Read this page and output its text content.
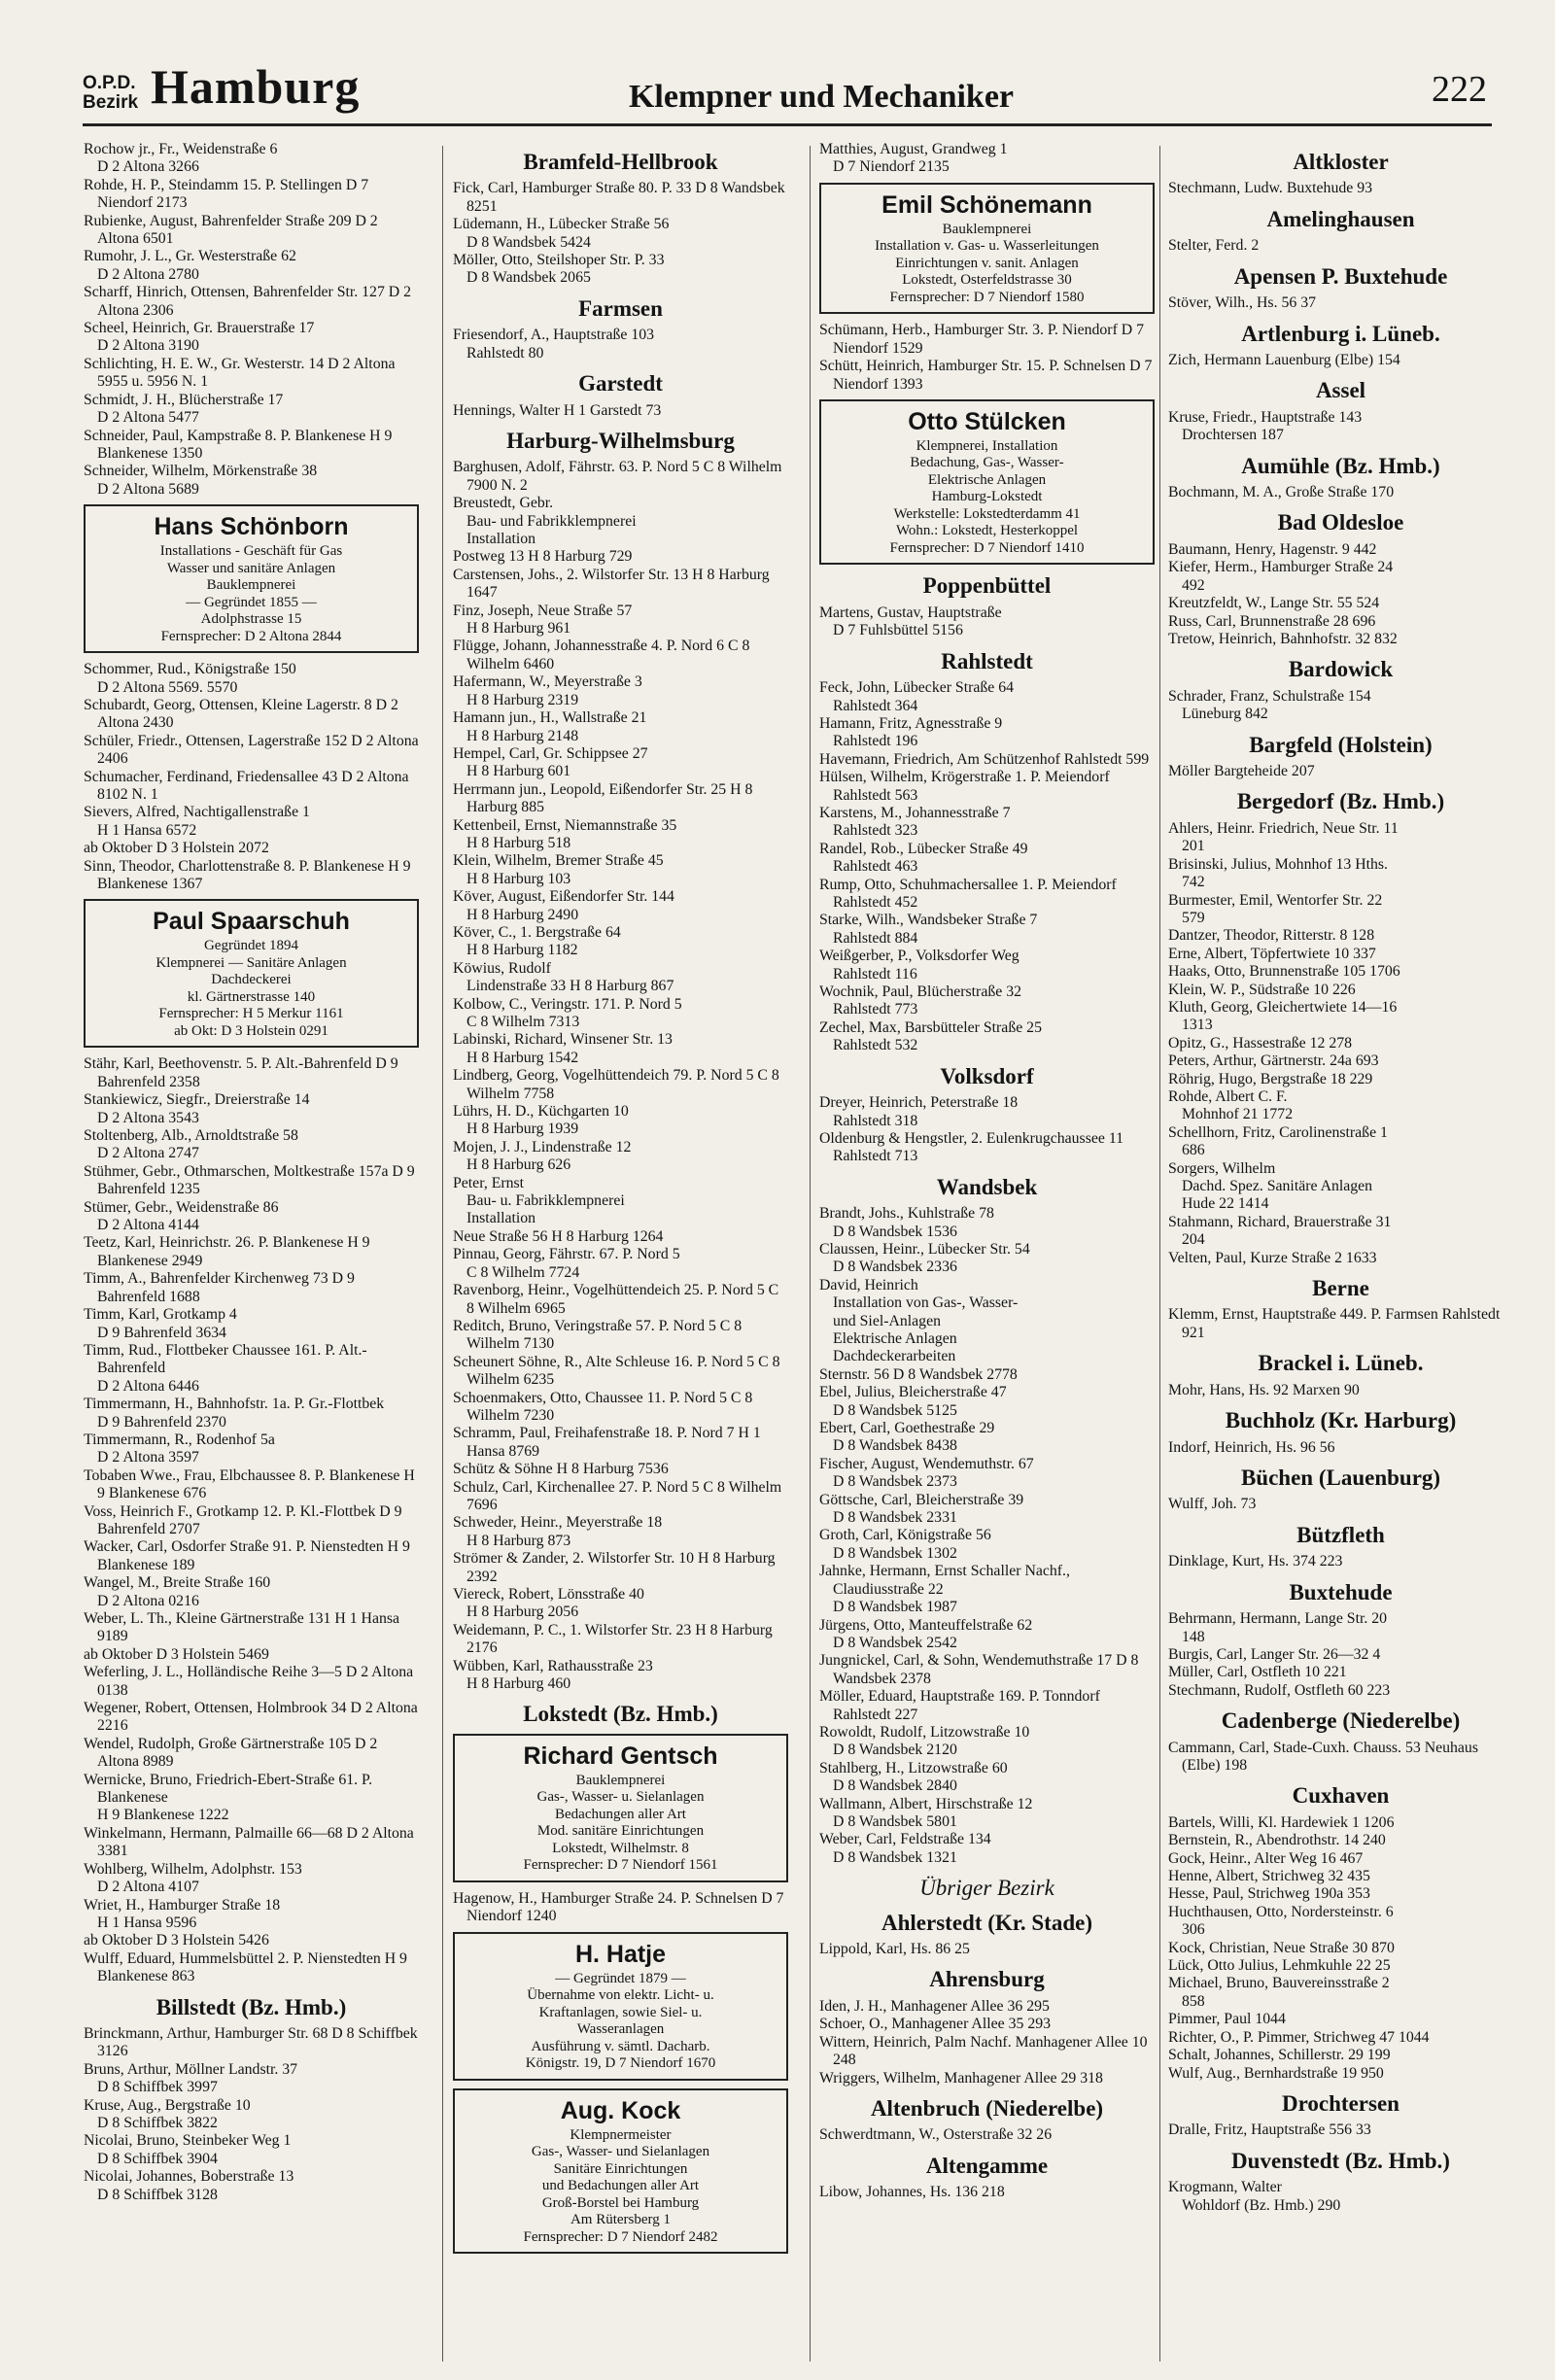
O.P.D.
Bezirk Hamburg	Klempner und Mechaniker	222
Rochow jr., Fr., Weidenstraße 6
D 2 Altona 3266
Rohde, H. P., Steindamm 15. P. Stellingen D 7 Niendorf 2173
Rubienke, August, Bahrenfelder Straße 209 D 2 Altona 6501
Rumohr, J. L., Gr. Westerstraße 62
D 2 Altona 2780
Scharff, Hinrich, Ottensen, Bahrenfelder Str. 127 D 2 Altona 2306
Scheel, Heinrich, Gr. Brauerstraße 17
D 2 Altona 3190
Schlichting, H. E. W., Gr. Westerstr. 14 D 2 Altona 5955 u. 5956 N. 1
Schmidt, J. H., Blücherstraße 17
D 2 Altona 5477
Schneider, Paul, Kampstraße 8. P. Blankenese H 9 Blankenese 1350
Schneider, Wilhelm, Mörkenstraße 38
D 2 Altona 5689
Hans Schönborn
Installations - Geschäft für Gas
Wasser und sanitäre Anlagen
Bauklempnerei
— Gegründet 1855 —
Adolphstrasse 15
Fernsprecher: D 2 Altona 2844
Schommer, Rud., Königstraße 150
D 2 Altona 5569. 5570
Schubardt, Georg, Ottensen, Kleine Lagerstr. 8 D 2 Altona 2430
Schüler, Friedr., Ottensen, Lagerstraße 152 D 2 Altona 2406
Schumacher, Ferdinand, Friedensallee 43 D 2 Altona 8102 N. 1
Sievers, Alfred, Nachtigallenstraße 1
H 1 Hansa 6572
ab Oktober D 3 Holstein 2072
Sinn, Theodor, Charlottenstraße 8. P. Blankenese H 9 Blankenese 1367
Paul Spaarschuh
Gegründet 1894
Klempnerei — Sanitäre Anlagen
Dachdeckerei
kl. Gärtnerstrasse 140
Fernsprecher: H 5 Merkur 1161
ab Okt: D 3 Holstein 0291
Stähr, Karl, Beethovenstr. 5. P. Alt.-Bahrenfeld D 9 Bahrenfeld 2358
Stankiewicz, Siegfr., Dreierstraße 14
D 2 Altona 3543
Stoltenberg, Alb., Arnoldtstraße 58
D 2 Altona 2747
Stühmer, Gebr., Othmarschen, Moltkestraße 157a D 9 Bahrenfeld 1235
Stümer, Gebr., Weidenstraße 86
D 2 Altona 4144
Teetz, Karl, Heinrichstr. 26. P. Blankenese H 9 Blankenese 2949
Timm, A., Bahrenfelder Kirchenweg 73 D 9 Bahrenfeld 1688
Timm, Karl, Grotkamp 4
D 9 Bahrenfeld 3634
Timm, Rud., Flottbeker Chaussee 161. P. Alt.-Bahrenfeld
D 2 Altona 6446
Timmermann, H., Bahnhofstr. 1a. P. Gr.-Flottbek
D 9 Bahrenfeld 2370
Timmermann, R., Rodenhof 5a
D 2 Altona 3597
Tobaben Wwe., Frau, Elbchaussee 8. P. Blankenese H 9 Blankenese 676
Voss, Heinrich F., Grotkamp 12. P. Kl.-Flottbek D 9 Bahrenfeld 2707
Wacker, Carl, Osdorfer Straße 91. P. Nienstedten H 9 Blankenese 189
Wangel, M., Breite Straße 160
D 2 Altona 0216
Weber, L. Th., Kleine Gärtnerstraße 131 H 1 Hansa 9189
ab Oktober D 3 Holstein 5469
Weferling, J. L., Holländische Reihe 3—5 D 2 Altona 0138
Wegener, Robert, Ottensen, Holmbrook 34 D 2 Altona 2216
Wendel, Rudolph, Große Gärtnerstraße 105 D 2 Altona 8989
Wernicke, Bruno, Friedrich-Ebert-Straße 61. P. Blankenese
H 9 Blankenese 1222
Winkelmann, Hermann, Palmaille 66—68 D 2 Altona 3381
Wohlberg, Wilhelm, Adolphstr. 153
D 2 Altona 4107
Wriet, H., Hamburger Straße 18
H 1 Hansa 9596
ab Oktober D 3 Holstein 5426
Wulff, Eduard, Hummelsbüttel 2. P. Nienstedten H 9 Blankenese 863
Billstedt (Bz. Hmb.)
Brinckmann, Arthur, Hamburger Str. 68 D 8 Schiffbek 3126
Bruns, Arthur, Möllner Landstr. 37
D 8 Schiffbek 3997
Kruse, Aug., Bergstraße 10
D 8 Schiffbek 3822
Nicolai, Bruno, Steinbeker Weg 1
D 8 Schiffbek 3904
Nicolai, Johannes, Boberstraße 13
D 8 Schiffbek 3128
Bramfeld-Hellbrook
Fick, Carl, Hamburger Straße 80. P. 33 D 8 Wandsbek 8251
Lüdemann, H., Lübecker Straße 56
D 8 Wandsbek 5424
Möller, Otto, Steilshoper Str. P. 33
D 8 Wandsbek 2065
Farmsen
Friesendorf, A., Hauptstraße 103
Rahlstedt 80
Garstedt
Hennings, Walter H 1 Garstedt 73
Harburg-Wilhelmsburg
Barghusen, Adolf, Fährstr. 63. P. Nord 5 C 8 Wilhelm 7900 N. 2
Breustedt, Gebr.
Bau- und Fabrikklempnerei
Installation
Postweg 13 H 8 Harburg 729
Carstensen, Johs., 2. Wilstorfer Str. 13 H 8 Harburg 1647
Finz, Joseph, Neue Straße 57
H 8 Harburg 961
Flügge, Johann, Johannesstraße 4. P. Nord 6 C 8 Wilhelm 6460
Hafermann, W., Meyerstraße 3
H 8 Harburg 2319
Hamann jun., H., Wallstraße 21
H 8 Harburg 2148
Hempel, Carl, Gr. Schippsee 27
H 8 Harburg 601
Herrmann jun., Leopold, Eißendorfer Str. 25 H 8 Harburg 885
Kettenbeil, Ernst, Niemannstraße 35
H 8 Harburg 518
Klein, Wilhelm, Bremer Straße 45
H 8 Harburg 103
Köver, August, Eißendorfer Str. 144
H 8 Harburg 2490
Köver, C., 1. Bergstraße 64
H 8 Harburg 1182
Köwius, Rudolf
Lindenstraße 33 H 8 Harburg 867
Kolbow, C., Veringstr. 171. P. Nord 5
C 8 Wilhelm 7313
Labinski, Richard, Winsener Str. 13
H 8 Harburg 1542
Lindberg, Georg, Vogelhüttendeich 79. P. Nord 5 C 8 Wilhelm 7758
Lührs, H. D., Küchgarten 10
H 8 Harburg 1939
Mojen, J. J., Lindenstraße 12
H 8 Harburg 626
Peter, Ernst
Bau- u. Fabrikklempnerei
Installation
Neue Straße 56 H 8 Harburg 1264
Pinnau, Georg, Fährstr. 67. P. Nord 5
C 8 Wilhelm 7724
Ravenborg, Heinr., Vogelhüttendeich 25. P. Nord 5 C 8 Wilhelm 6965
Reditch, Bruno, Veringstraße 57. P. Nord 5 C 8 Wilhelm 7130
Scheunert Söhne, R., Alte Schleuse 16. P. Nord 5 C 8 Wilhelm 6235
Schoenmakers, Otto, Chaussee 11. P. Nord 5 C 8 Wilhelm 7230
Schramm, Paul, Freihafenstraße 18. P. Nord 7 H 1 Hansa 8769
Schütz & Söhne H 8 Harburg 7536
Schulz, Carl, Kirchenallee 27. P. Nord 5 C 8 Wilhelm 7696
Schweder, Heinr., Meyerstraße 18
H 8 Harburg 873
Strömer & Zander, 2. Wilstorfer Str. 10 H 8 Harburg 2392
Viereck, Robert, Lönsstraße 40
H 8 Harburg 2056
Weidemann, P. C., 1. Wilstorfer Str. 23 H 8 Harburg 2176
Wübben, Karl, Rathausstraße 23
H 8 Harburg 460
Lokstedt (Bz. Hmb.)
Richard Gentsch
Bauklempnerei
Gas-, Wasser- u. Sielanlagen
Bedachungen aller Art
Mod. sanitäre Einrichtungen
Lokstedt, Wilhelmstr. 8
Fernsprecher: D 7 Niendorf 1561
Hagenow, H., Hamburger Straße 24. P. Schnelsen D 7 Niendorf 1240
H. Hatje
— Gegründet 1879 —
Übernahme von elektr. Licht- u.
Kraftanlagen, sowie Siel- u.
Wasseranlagen
Ausführung v. sämtl. Dacharb.
Königstr. 19, D 7 Niendorf 1670
Aug. Kock
Klempnermeister
Gas-, Wasser- und Sielanlagen
Sanitäre Einrichtungen
und Bedachungen aller Art
Groß-Borstel bei Hamburg
Am Rütersberg 1
Fernsprecher: D 7 Niendorf 2482
Matthies, August, Grandweg 1
D 7 Niendorf 2135
Emil Schönemann
Bauklempnerei
Installation v. Gas- u. Wasserleitungen
Einrichtungen v. sanit. Anlagen
Lokstedt, Osterfeldstrasse 30
Fernsprecher: D 7 Niendorf 1580
Schümann, Herb., Hamburger Str. 3. P. Niendorf D 7 Niendorf 1529
Schütt, Heinrich, Hamburger Str. 15. P. Schnelsen D 7 Niendorf 1393
Otto Stülcken
Klempnerei, Installation
Bedachung, Gas-, Wasser-
Elektrische Anlagen
Hamburg-Lokstedt
Werkstelle: Lokstedterdamm 41
Wohn.: Lokstedt, Hesterkoppel
Fernsprecher: D 7 Niendorf 1410
Poppenbüttel
Martens, Gustav, Hauptstraße
D 7 Fuhlsbüttel 5156
Rahlstedt
Feck, John, Lübecker Straße 64
Rahlstedt 364
Hamann, Fritz, Agnesstraße 9
Rahlstedt 196
Havemann, Friedrich, Am Schützenhof Rahlstedt 599
Hülsen, Wilhelm, Krögerstraße 1. P. Meiendorf Rahlstedt 563
Karstens, M., Johannesstraße 7
Rahlstedt 323
Randel, Rob., Lübecker Straße 49
Rahlstedt 463
Rump, Otto, Schuhmachersallee 1. P. Meiendorf Rahlstedt 452
Starke, Wilh., Wandsbeker Straße 7
Rahlstedt 884
Weißgerber, P., Volksdorfer Weg
Rahlstedt 116
Wochnik, Paul, Blücherstraße 32
Rahlstedt 773
Zechel, Max, Barsbütteler Straße 25
Rahlstedt 532
Volksdorf
Dreyer, Heinrich, Peterstraße 18
Rahlstedt 318
Oldenburg & Hengstler, 2. Eulenkrugchaussee 11 Rahlstedt 713
Wandsbek
Brandt, Johs., Kuhlstraße 78
D 8 Wandsbek 1536
Claussen, Heinr., Lübecker Str. 54
D 8 Wandsbek 2336
David, Heinrich
Installation von Gas-, Wasser-
und Siel-Anlagen
Elektrische Anlagen
Dachdeckerarbeiten
Sternstr. 56 D 8 Wandsbek 2778
Ebel, Julius, Bleicherstraße 47
D 8 Wandsbek 5125
Ebert, Carl, Goethestraße 29
D 8 Wandsbek 8438
Fischer, August, Wendemuthstr. 67
D 8 Wandsbek 2373
Göttsche, Carl, Bleicherstraße 39
D 8 Wandsbek 2331
Groth, Carl, Königstraße 56
D 8 Wandsbek 1302
Jahnke, Hermann, Ernst Schaller Nachf., Claudiusstraße 22
D 8 Wandsbek 1987
Jürgens, Otto, Manteuffelstraße 62
D 8 Wandsbek 2542
Jungnickel, Carl, & Sohn, Wendemuthstraße 17 D 8 Wandsbek 2378
Möller, Eduard, Hauptstraße 169. P. Tonndorf Rahlstedt 227
Rowoldt, Rudolf, Litzowstraße 10
D 8 Wandsbek 2120
Stahlberg, H., Litzowstraße 60
D 8 Wandsbek 2840
Wallmann, Albert, Hirschstraße 12
D 8 Wandsbek 5801
Weber, Carl, Feldstraße 134
D 8 Wandsbek 1321
Übriger Bezirk
Ahlerstedt (Kr. Stade)
Lippold, Karl, Hs. 86 25
Ahrensburg
Iden, J. H., Manhagener Allee 36 295
Schoer, O., Manhagener Allee 35 293
Wittern, Heinrich, Palm Nachf. Manhagener Allee 10 248
Wriggers, Wilhelm, Manhagener Allee 29 318
Altenbruch (Niederelbe)
Schwerdtmann, W., Osterstraße 32 26
Altengamme
Libow, Johannes, Hs. 136 218
Altkloster
Stechmann, Ludw. Buxtehude 93
Amelinghausen
Stelter, Ferd. 2
Apensen P. Buxtehude
Stöver, Wilh., Hs. 56 37
Artlenburg i. Lüneb.
Zich, Hermann Lauenburg (Elbe) 154
Assel
Kruse, Friedr., Hauptstraße 143
Drochtersen 187
Aumühle (Bz. Hmb.)
Bochmann, M. A., Große Straße 170
Bad Oldesloe
Baumann, Henry, Hagenstr. 9 442
Kiefer, Herm., Hamburger Straße 24
492
Kreutzfeldt, W., Lange Str. 55 524
Russ, Carl, Brunnenstraße 28 696
Tretow, Heinrich, Bahnhofstr. 32 832
Bardowick
Schrader, Franz, Schulstraße 154
Lüneburg 842
Bargfeld (Holstein)
Möller Bargteheide 207
Bergedorf (Bz. Hmb.)
Ahlers, Heinr. Friedrich, Neue Str. 11
201
Brisinski, Julius, Mohnhof 13 Hths.
742
Burmester, Emil, Wentorfer Str. 22
579
Dantzer, Theodor, Ritterstr. 8 128
Erne, Albert, Töpfertwiete 10 337
Haaks, Otto, Brunnenstraße 105 1706
Klein, W. P., Südstraße 10 226
Kluth, Georg, Gleichertwiete 14—16
1313
Opitz, G., Hassestraße 12 278
Peters, Arthur, Gärtnerstr. 24a 693
Röhrig, Hugo, Bergstraße 18 229
Rohde, Albert C. F.
Mohnhof 21 1772
Schellhorn, Fritz, Carolinenstraße 1
686
Sorgers, Wilhelm
Dachd. Spez. Sanitäre Anlagen
Hude 22 1414
Stahmann, Richard, Brauerstraße 31
204
Velten, Paul, Kurze Straße 2 1633
Berne
Klemm, Ernst, Hauptstraße 449. P. Farmsen Rahlstedt 921
Brackel i. Lüneb.
Mohr, Hans, Hs. 92 Marxen 90
Buchholz (Kr. Harburg)
Indorf, Heinrich, Hs. 96 56
Büchen (Lauenburg)
Wulff, Joh. 73
Bützfleth
Dinklage, Kurt, Hs. 374 223
Buxtehude
Behrmann, Hermann, Lange Str. 20
148
Burgis, Carl, Langer Str. 26—32 4
Müller, Carl, Ostfleth 10 221
Stechmann, Rudolf, Ostfleth 60 223
Cadenberge (Niederelbe)
Cammann, Carl, Stade-Cuxh. Chauss. 53 Neuhaus (Elbe) 198
Cuxhaven
Bartels, Willi, Kl. Hardewiek 1 1206
Bernstein, R., Abendrothstr. 14 240
Gock, Heinr., Alter Weg 16 467
Henne, Albert, Strichweg 32 435
Hesse, Paul, Strichweg 190a 353
Huchthausen, Otto, Nordersteinstr. 6
306
Kock, Christian, Neue Straße 30 870
Lück, Otto Julius, Lehmkuhle 22 25
Michael, Bruno, Bauvereinsstraße 2
858
Pimmer, Paul 1044
Richter, O., P. Pimmer, Strichweg 47 1044
Schalt, Johannes, Schillerstr. 29 199
Wulf, Aug., Bernhardstraße 19 950
Drochtersen
Dralle, Fritz, Hauptstraße 556 33
Duvenstedt (Bz. Hmb.)
Krogmann, Walter
Wohldorf (Bz. Hmb.) 290
